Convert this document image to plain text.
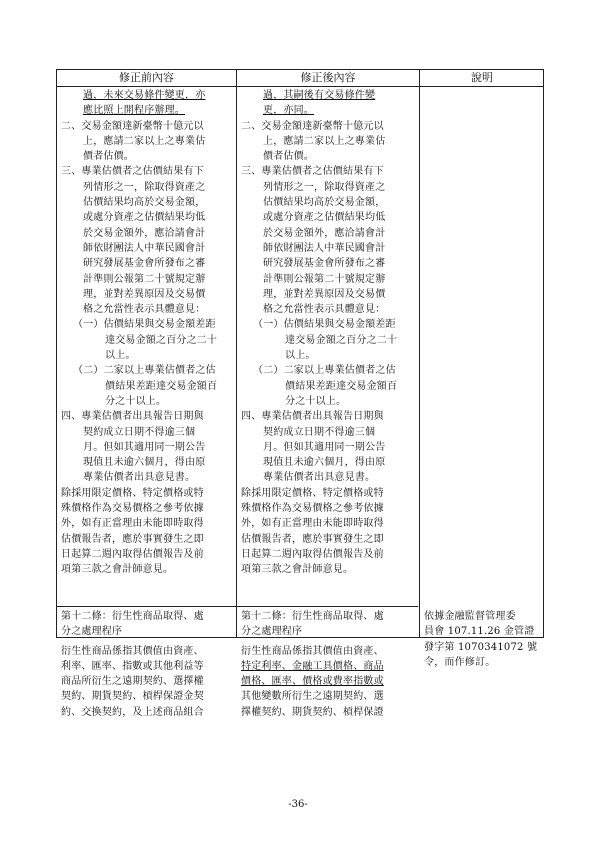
修正前內容	修正後內容	說明
過，未來交易條件變更，亦
應比照上開程序辦理。
二、交易金額達新臺幣十億元以
上，應請二家以上之專業估
價者估價。
三、專業估價者之估價結果有下
列情形之一，除取得資產之
估價結果均高於交易金額，
或處分資產之估價結果均低
於交易金額外，應洽請會計
師依財團法人中華民國會計
研究發展基金會所發布之審
計準則公報第二十號規定辦
理，並對差異原因及交易價
格之允當性表示具體意見：
（一）估價結果與交易金額差距
達交易金額之百分之二十
以上。
（二）二家以上專業估價者之估
價結果差距達交易金額百
分之十以上。
四、專業估價者出具報告日期與
契約成立日期不得逾三個
月。但如其適用同一期公告
現值且未逾六個月，得由原
專業估價者出具意見書。
除採用限定價格、特定價格或特
殊價格作為交易價格之參考依據
外，如有正當理由未能即時取得
估價報告者，應於事實發生之即
日起算二週內取得估價報告及前
項第三款之會計師意見。
過，其嗣後有交易條件變
更，亦同。
二、交易金額達新臺幣十億元以
上，應請二家以上之專業估
價者估價。
三、專業估價者之估價結果有下
列情形之一，除取得資產之
估價結果均高於交易金額，
或處分資產之估價結果均低
於交易金額外，應洽請會計
師依財團法人中華民國會計
研究發展基金會所發布之審
計準則公報第二十號規定辦
理，並對差異原因及交易價
格之允當性表示具體意見：
（一）估價結果與交易金額差距
達交易金額之百分之二十
以上。
（二）二家以上專業估價者之估
價結果差距達交易金額百
分之十以上。
四、專業估價者出具報告日期與
契約成立日期不得逾三個
月。但如其適用同一期公告
現值且未逾六個月，得由原
專業估價者出具意見書。
除採用限定價格、特定價格或特
殊價格作為交易價格之參考依據
外，如有正當理由未能即時取得
估價報告者，應於事實發生之即
日起算二週內取得估價報告及前
項第三款之會計師意見。
第十二條：衍生性商品取得、處
分之處理程序
衍生性商品係指其價值由資產、
利率、匯率、指數或其他利益等
商品所衍生之遠期契約、選擇權
契約、期貨契約、槓桿保證金契
約、交換契約，及上述商品組合
第十二條：衍生性商品取得、處
分之處理程序
衍生性商品係指其價值由資產、
特定利率、金融工具價格、商品
價格、匯率、價格或費率指數或
其他變數所衍生之遠期契約、選
擇權契約、期貨契約、槓桿保證
依據金融監督管理委
員會 107.11.26 金管證
發字第 1070341072 號
令，而作修訂。
-36-
